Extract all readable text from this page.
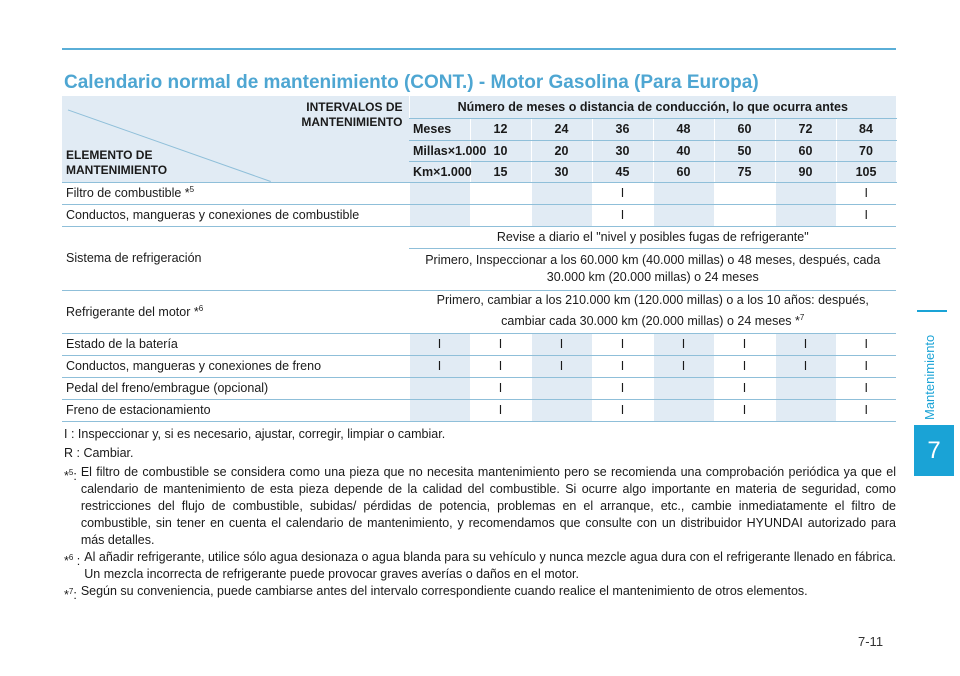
Calendario normal de mantenimiento (CONT.) - Motor Gasolina (Para Europa)
INTERVALOS DE MANTENIMIENTO
ELEMENTO DE MANTENIMIENTO	Número de meses o distancia de conducción, lo que ocurra antes								
	Meses	12	24	36	48	60	72	84	
	Millas×1.000	10	20	30	40	50	60	70	
	Km×1.000	15	30	45	60	75	90	105	
Filtro de combustible *$^5$				I				I	
Conductos, mangueras y conexiones de combustible				I				I	
Sistema de refrigeración	Revise a diario el "nivel y posibles fugas de refrigerante"								
	Primero, Inspeccionar a los 60.000 km (40.000 millas) o 48 meses, después, cada 30.000 km (20.000 millas) o 24 meses								
Refrigerante del motor *$^6$	Primero, cambiar a los 210.000 km (120.000 millas) o a los 10 años: después, cambiar cada 30.000 km (20.000 millas) o 24 meses *$^7$
Estado de la batería	I	I	I	I	I	I	I	I	
Conductos, mangueras y conexiones de freno	I	I	I	I	I	I	I	I	
Pedal del freno/embrague (opcional)		I		I		I		I	
Freno de estacionamiento		I		I		I		I	

I : Inspeccionar y, si es necesario, ajustar, corregir, limpiar o cambiar.

R : Cambiar.

*$^5$: El filtro de combustible se considera como una pieza que no necesita mantenimiento pero se recomienda una comprobación periódica ya que el calendario de mantenimiento de esta pieza depende de la calidad del combustible. Si ocurre algo importante en materia de seguridad, como restricciones del flujo de combustible, subidas/ pérdidas de potencia, problemas en el arranque, etc., cambie inmediatamente el filtro de combustible, sin tener en cuenta el calendario de mantenimiento, y recomendamos que consulte con un distribuidor HYUNDAI autorizado para más detalles.
*$^6$ : Al añadir refrigerante, utilice sólo agua desionaza o agua blanda para su vehículo y nunca mezcle agua dura con el refrigerante llenado en fábrica. Un mezcla incorrecta de refrigerante puede provocar graves averías o daños en el motor.
*$^7$: Según su conveniencia, puede cambiarse antes del intervalo correspondiente cuando realice el mantenimiento de otros elementos.
Mantenimiento
7
7-11
